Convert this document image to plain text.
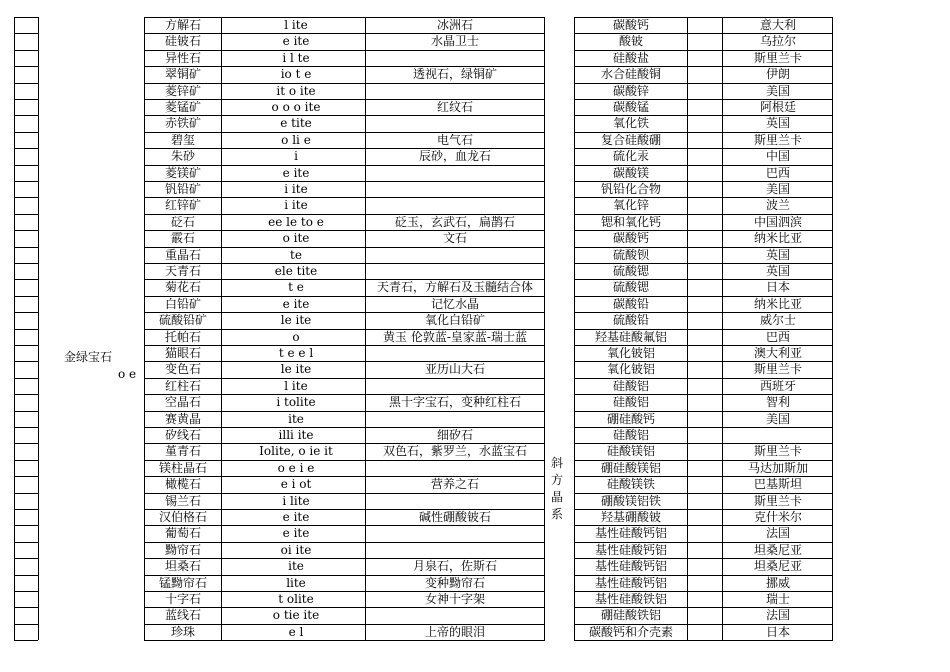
金绿宝石
o e
斜方晶系
方解石	l ite	冰洲石
硅铍石	e ite	水晶卫士
异性石	i l te
翠铜矿	io t e	透视石，绿铜矿
菱锌矿	it o ite
菱锰矿	o o o ite	红纹石
赤铁矿	e tite
碧玺	o li e	电气石
朱砂	i	辰砂，血龙石
菱镁矿	e ite
钒铅矿	i ite
红锌矿	i ite
砭石	ee le to e	砭玉，玄武石，扁鹊石
霰石	o ite	文石
重晶石	te
天青石	ele tite
菊花石	t e	天青石，方解石及玉髓结合体
白铅矿	e ite	记忆水晶
硫酸铅矿	le ite	氧化白铅矿
托帕石	o	黄玉 伦敦蓝-皇家蓝-瑞士蓝
猫眼石	t e e l
变色石	le ite	亚历山大石
红柱石	l ite
空晶石	i tolite	黑十字宝石，变种红柱石
赛黄晶	ite
矽线石	illi ite	细矽石
堇青石	Iolite, o ie it	双色石，紫罗兰，水蓝宝石
镁柱晶石	o e i e
橄榄石	e i ot	营养之石
锡兰石	i lite
汉伯格石	e ite	碱性硼酸铍石
葡萄石	e ite
黝帘石	oi ite
坦桑石	ite	月泉石，佐斯石
锰黝帘石	lite	变种黝帘石
十字石	t olite	女神十字架
蓝线石	o tie ite
珍珠	e l	上帝的眼泪
碳酸钙	意大利
酸铍	乌拉尔
硅酸盐	斯里兰卡
水合硅酸铜	伊朗
碳酸锌	美国
碳酸锰	阿根廷
氧化铁	英国
复合硅酸硼	斯里兰卡
硫化汞	中国
碳酸镁	巴西
钒铅化合物	美国
氧化锌	波兰
锶和氧化钙	中国泗滨
碳酸钙	纳米比亚
硫酸钡	英国
硫酸锶	英国
硫酸锶	日本
碳酸铅	纳米比亚
硫酸铅	威尔士
羟基硅酸氟铝	巴西
氧化铍铝	澳大利亚
氧化铍铝	斯里兰卡
硅酸铝	西班牙
硅酸铝	智利
硼硅酸钙	美国
硅酸铝
硅酸镁铝	斯里兰卡
硼硅酸镁铝	马达加斯加
硅酸镁铁	巴基斯坦
硼酸镁铝铁	斯里兰卡
羟基硼酸铍	克什米尔
基性硅酸钙铝	法国
基性硅酸钙铝	坦桑尼亚
基性硅酸钙铝	坦桑尼亚
基性硅酸钙铝	挪威
基性硅酸铁铝	瑞士
硼硅酸铁铝	法国
碳酸钙和介壳素	日本
